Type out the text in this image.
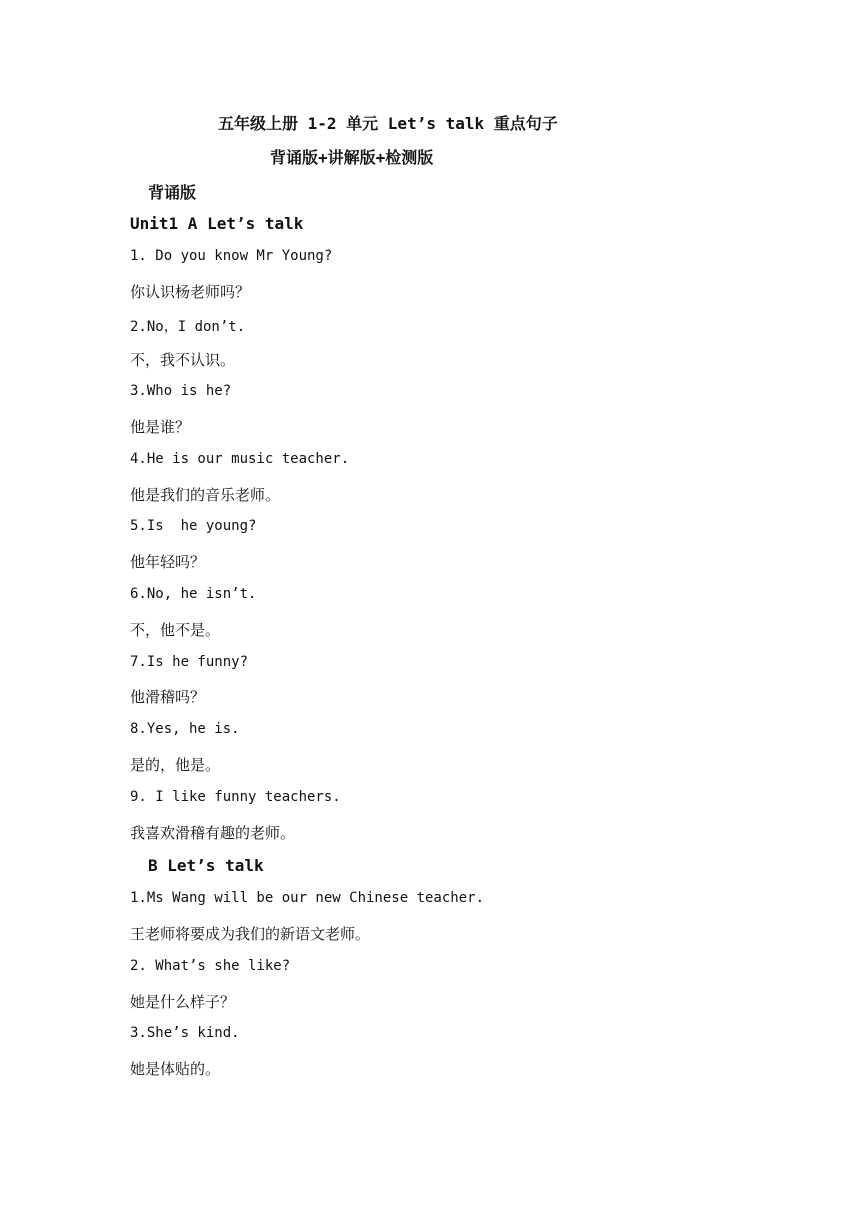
五年级上册 1-2 单元 Let’s talk 重点句子
背诵版+讲解版+检测版
背诵版
Unit1 A Let’s talk
1. Do you know Mr Young?
你认识杨老师吗？
2.No，I don’t.
不，我不认识。
3.Who is he?
他是谁？
4.He is our music teacher.
他是我们的音乐老师。
5.Is  he young?
他年轻吗？
6.No, he isn’t.
不，他不是。
7.Is he funny?
他滑稽吗？
8.Yes, he is.
是的，他是。
9. I like funny teachers.
我喜欢滑稽有趣的老师。
B Let’s talk
1.Ms Wang will be our new Chinese teacher.
王老师将要成为我们的新语文老师。
2. What’s she like?
她是什么样子？
3.She’s kind.
她是体贴的。
